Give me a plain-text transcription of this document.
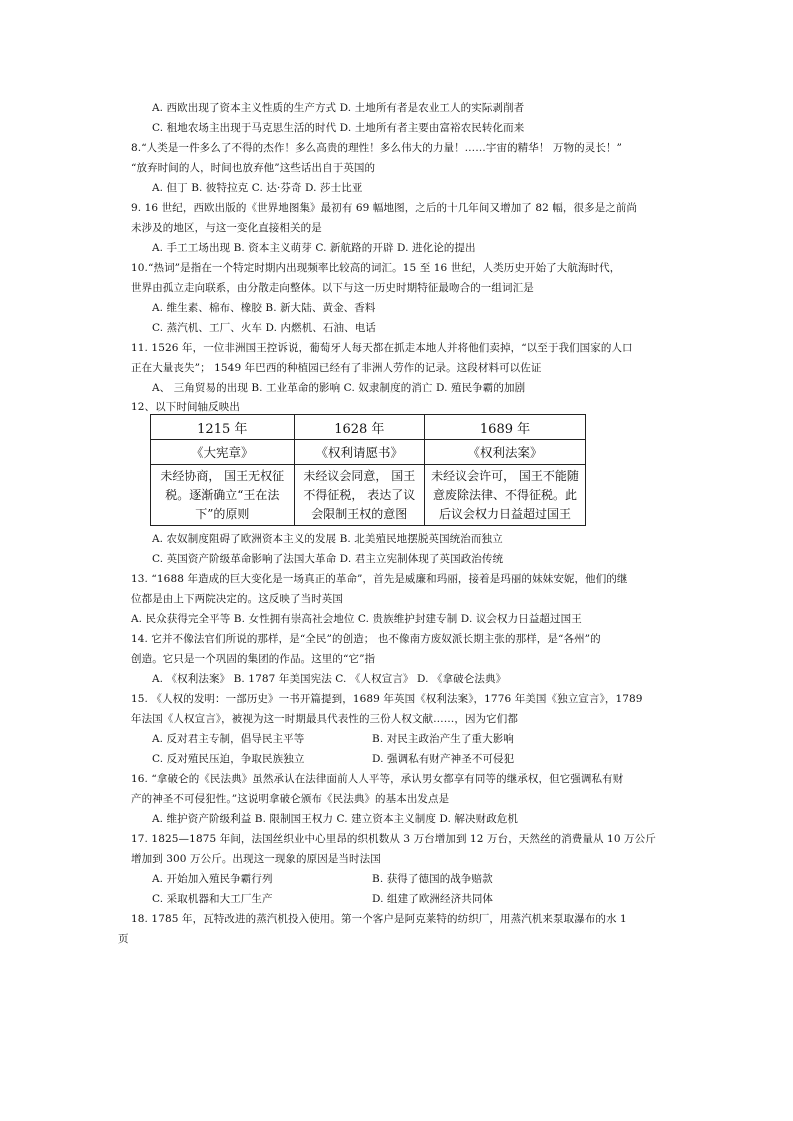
A. 西欧出现了资本主义性质的生产方式 D. 土地所有者是农业工人的实际剥削者
C. 租地农场主出现于马克思生活的时代 D. 土地所有者主要由富裕农民转化而来
8.“人类是一件多么了不得的杰作！多么高贵的理性！多么伟大的力量！……宇宙的精华！ 万物的灵长！”
“放弃时间的人，时间也放弃他”这些话出自于英国的
A. 但丁 B. 彼特拉克 C. 达·芬奇 D. 莎士比亚
9. 16 世纪，西欧出版的《世界地图集》最初有 69 幅地图，之后的十几年间又增加了 82 幅，很多是之前尚
未涉及的地区，与这一变化直接相关的是
A. 手工工场出现 B. 资本主义萌芽 C. 新航路的开辟 D. 进化论的提出
10.“热词”是指在一个特定时期内出现频率比较高的词汇。15 至 16 世纪，人类历史开始了大航海时代，
世界由孤立走向联系，由分散走向整体。以下与这一历史时期特征最吻合的一组词汇是
A. 维生素、棉布、橡胶 B. 新大陆、黄金、香料
C. 蒸汽机、工厂、火车 D. 内燃机、石油、电话
11. 1526 年，一位非洲国王控诉说，葡萄牙人每天都在抓走本地人并将他们卖掉，“以至于我们国家的人口
正在大量丧失”； 1549 年巴西的种植园已经有了非洲人劳作的记录。这段材料可以佐证
A、 三角贸易的出现 B. 工业革命的影响 C. 奴隶制度的消亡 D. 殖民争霸的加剧
12、以下时间轴反映出
1215 年	1628 年	1689 年
《大宪章》	《权利请愿书》	《权利法案》
未经协商， 国王无权征税。逐渐确立“王在法下”的原则	未经议会同意， 国王不得征税， 表达了议会限制王权的意图	未经议会许可， 国王不能随意废除法律、不得征税。此后议会权力日益超过国王
A. 农奴制度阻碍了欧洲资本主义的发展 B. 北美殖民地摆脱英国统治而独立
C. 英国资产阶级革命影响了法国大革命 D. 君主立宪制体现了英国政治传统
13. “1688 年造成的巨大变化是一场真正的革命”，首先是威廉和玛丽，接着是玛丽的妹妹安妮，他们的继
位都是由上下两院决定的。这反映了当时英国
A. 民众获得完全平等 B. 女性拥有崇高社会地位 C. 贵族维护封建专制 D. 议会权力日益超过国王
14. 它并不像法官们所说的那样，是“全民”的创造； 也不像南方废奴派长期主张的那样，是“各州”的
创造。它只是一个巩固的集团的作品。这里的“它”指
A. 《权利法案》 B. 1787 年美国宪法 C. 《人权宣言》 D. 《拿破仑法典》
15. 《人权的发明：一部历史》一书开篇提到，1689 年英国《权利法案》，1776 年美国《独立宣言》，1789
年法国《人权宣言》，被视为这一时期最具代表性的三份人权文献……，因为它们都
A. 反对君主专制，倡导民主平等	B. 对民主政治产生了重大影响
C. 反对殖民压迫，争取民族独立	D. 强调私有财产神圣不可侵犯
16. “拿破仑的《民法典》虽然承认在法律面前人人平等，承认男女都享有同等的继承权，但它强调私有财
产的神圣不可侵犯性。”这说明拿破仑颁布《民法典》的基本出发点是
A. 维护资产阶级利益 B. 限制国王权力 C. 建立资本主义制度 D. 解决财政危机
17. 1825—1875 年间，法国丝织业中心里昂的织机数从 3 万台增加到 12 万台，天然丝的消费量从 10 万公斤
增加到 300 万公斤。出现这一现象的原因是当时法国
A. 开始加入殖民争霸行列	B. 获得了德国的战争赔款
C. 采取机器和大工厂生产	D. 组建了欧洲经济共同体
18. 1785 年，瓦特改进的蒸汽机投入使用。第一个客户是阿克莱特的纺织厂，用蒸汽机来泵取瀑布的水 1
页
